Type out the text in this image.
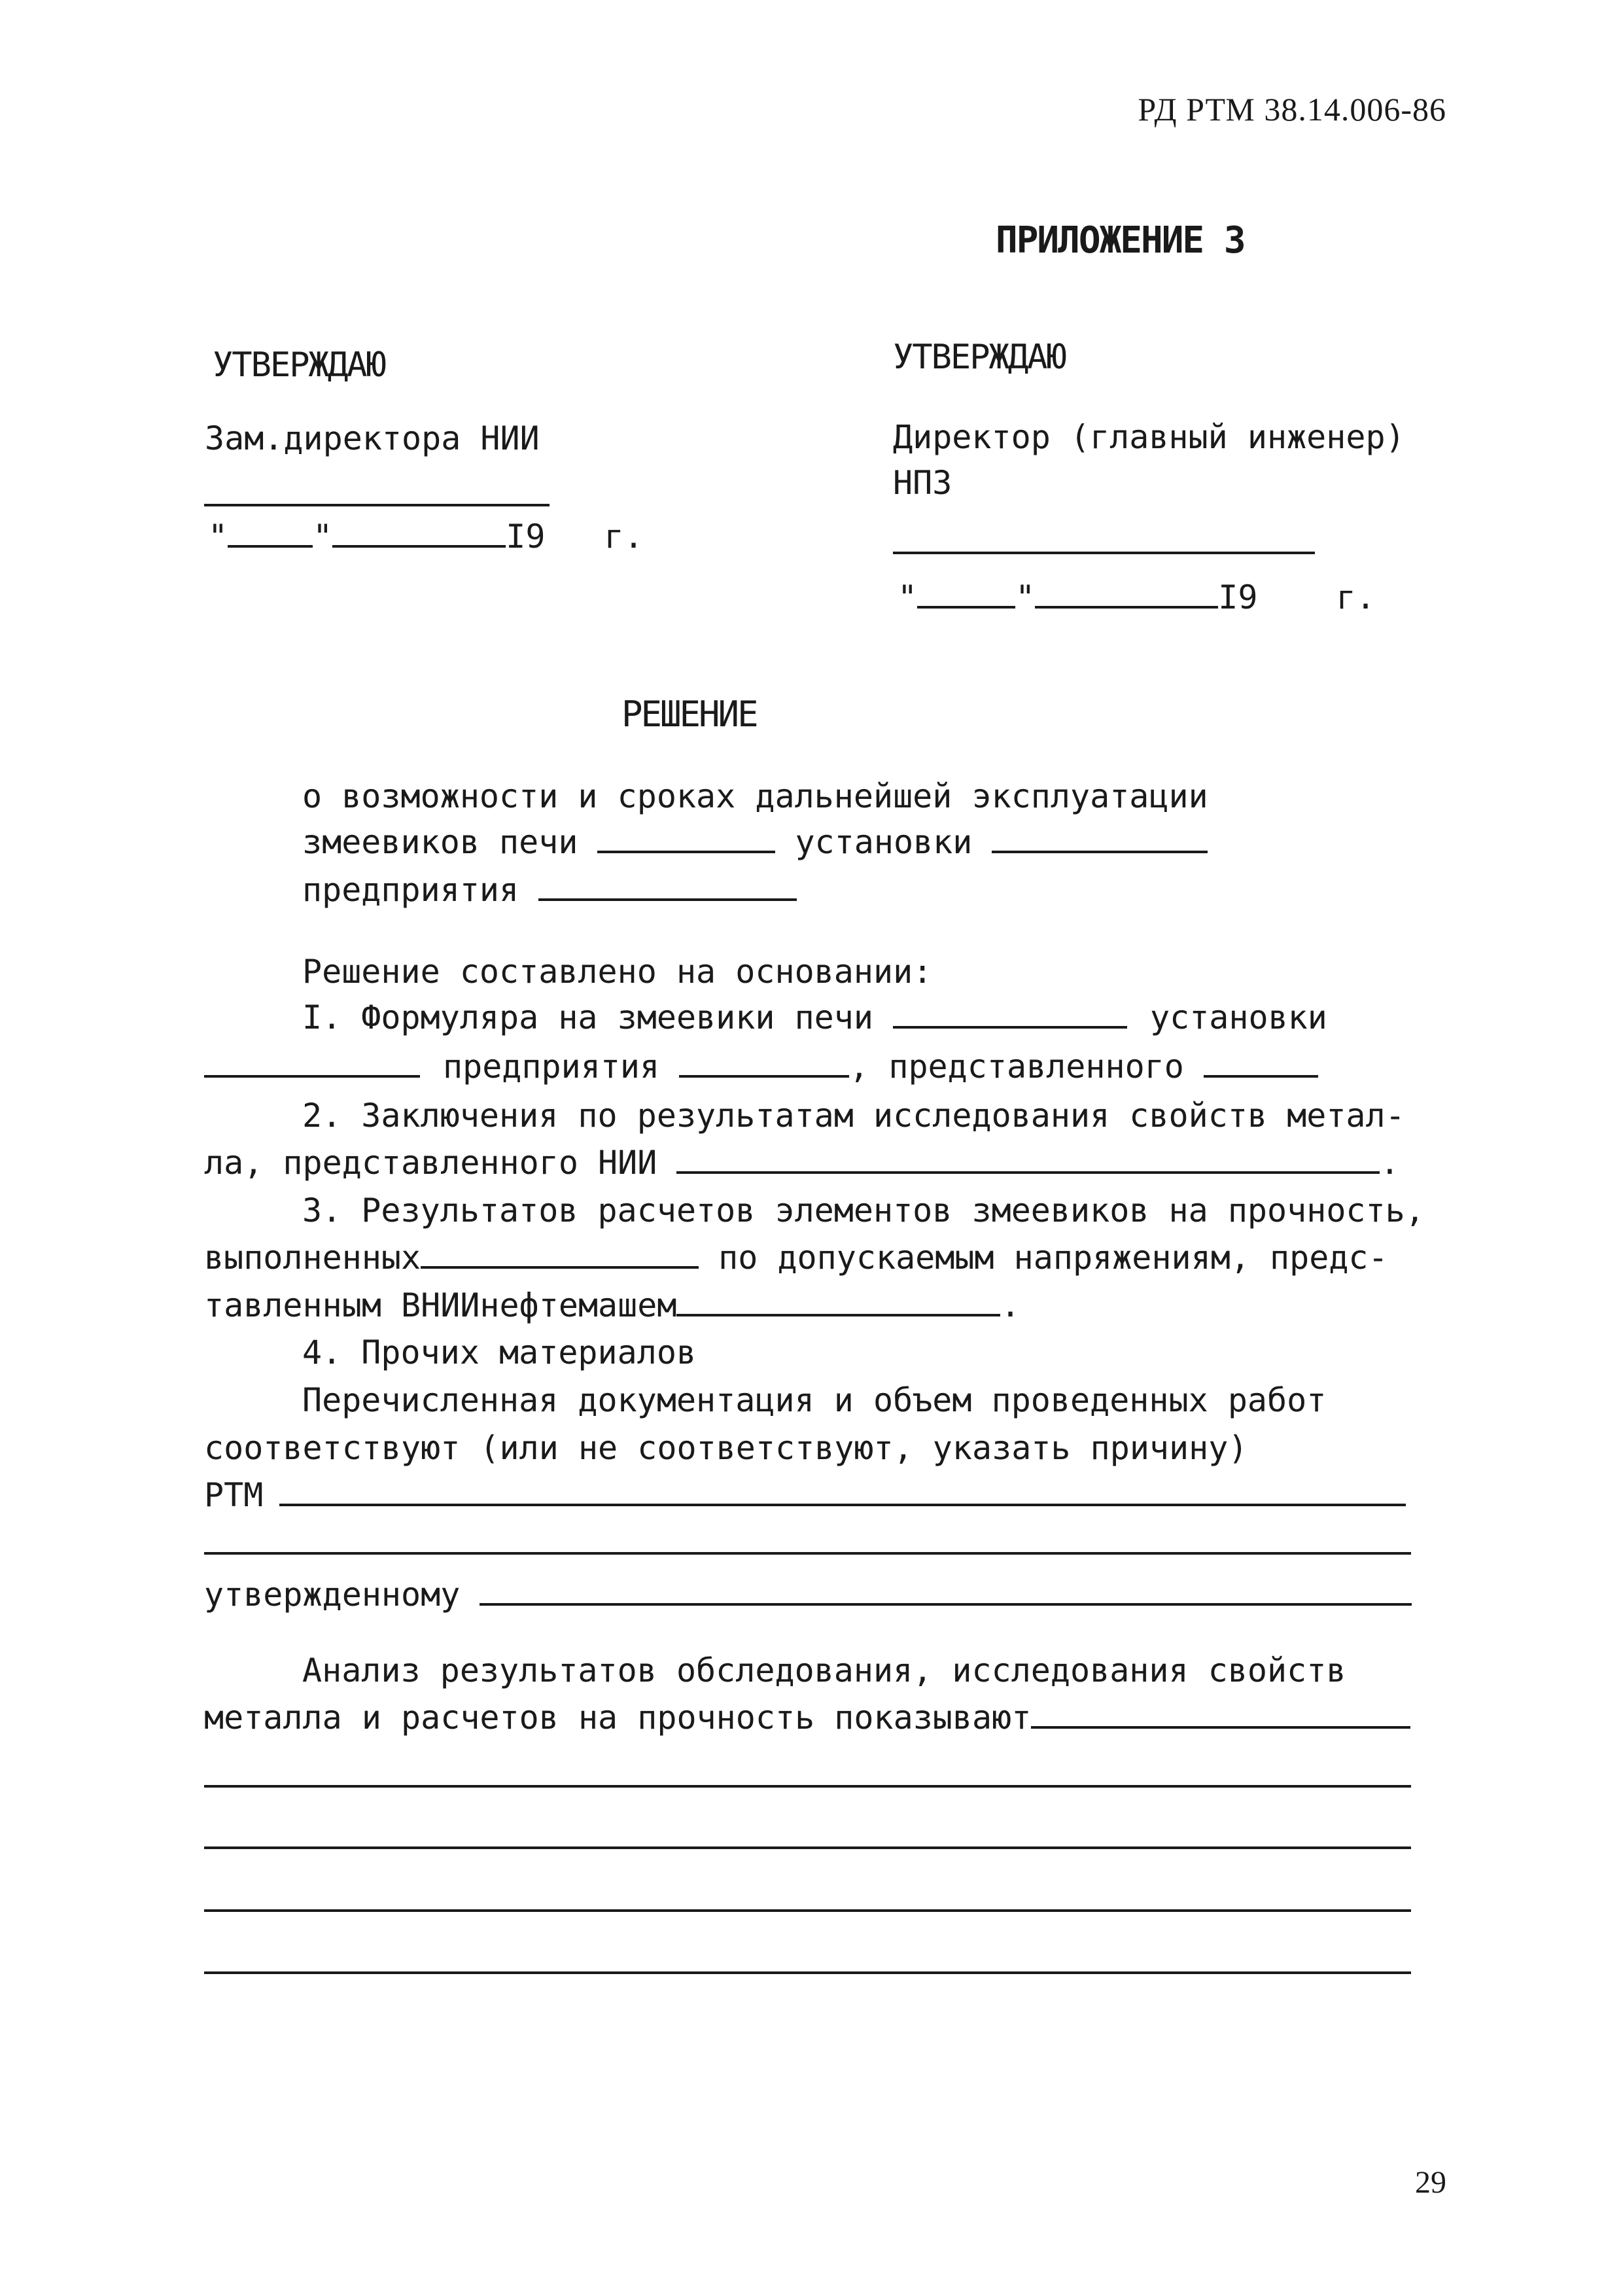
РД РТМ 38.14.006-86
ПРИЛОЖЕНИЕ 3
УТВЕРЖДАЮ
Зам.директора НИИ
"	"	I9 г.
УТВЕРЖДАЮ
Директор (главный инженер)
НПЗ
"	"	I9 г.
РЕШЕНИЕ
о возможности и сроках дальнейшей эксплуатации
змеевиков печи	установки
предприятия
Решение составлено на основании:
I. Формуляра на змеевики печи	установки
предприятия	, представленного
2. Заключения по результатам исследования свойств метал-
ла, представленного НИИ	.
3. Результатов расчетов элементов змеевиков на прочность,
выполненных	по допускаемым напряжениям, предс-
тавленным ВНИИнефтемашем	.
4. Прочих материалов
Перечисленная документация и объем проведенных работ
соответствуют (или не соответствуют, указать причину)
РТМ
утвержденному
Анализ результатов обследования, исследования свойств
металла и расчетов на прочность показывают
29
